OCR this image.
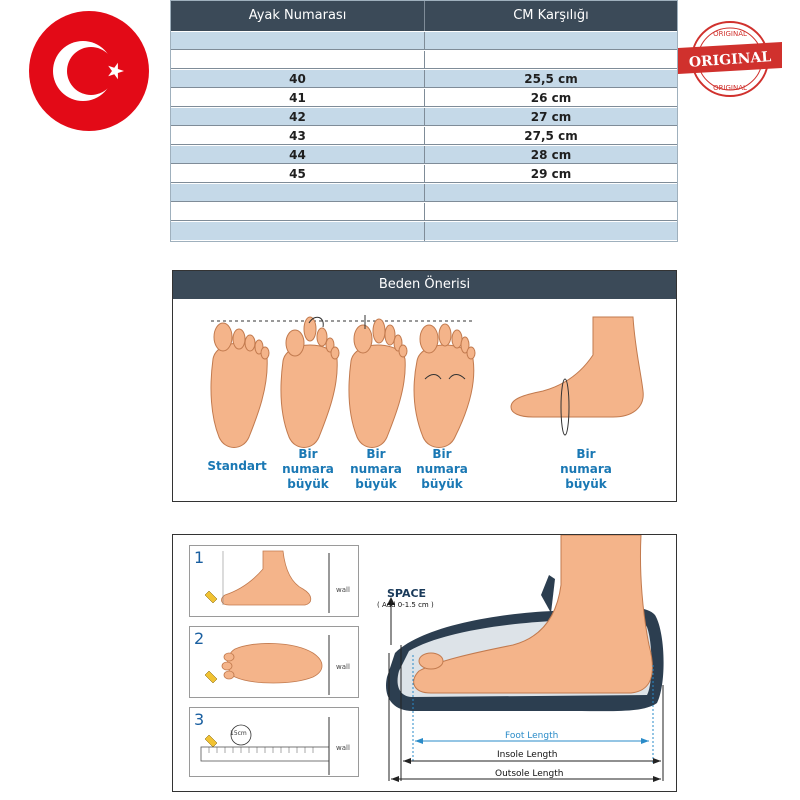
ORIGINAL
ORIGINAL
ORIGINAL
Ayak Numarası	CM Karşılığı
40	25,5 cm
41	26 cm
42	27 cm
43	27,5 cm
44	28 cm
45	29 cm
Beden Önerisi
Standart
Bir
numara
büyük
Bir
numara
büyük
Bir
numara
büyük
Bir
numara
büyük
1
wall
2
wall
3
wall
15cm
SPACE
( Add 0-1.5 cm )
Foot Length
Insole Length
Outsole Length
